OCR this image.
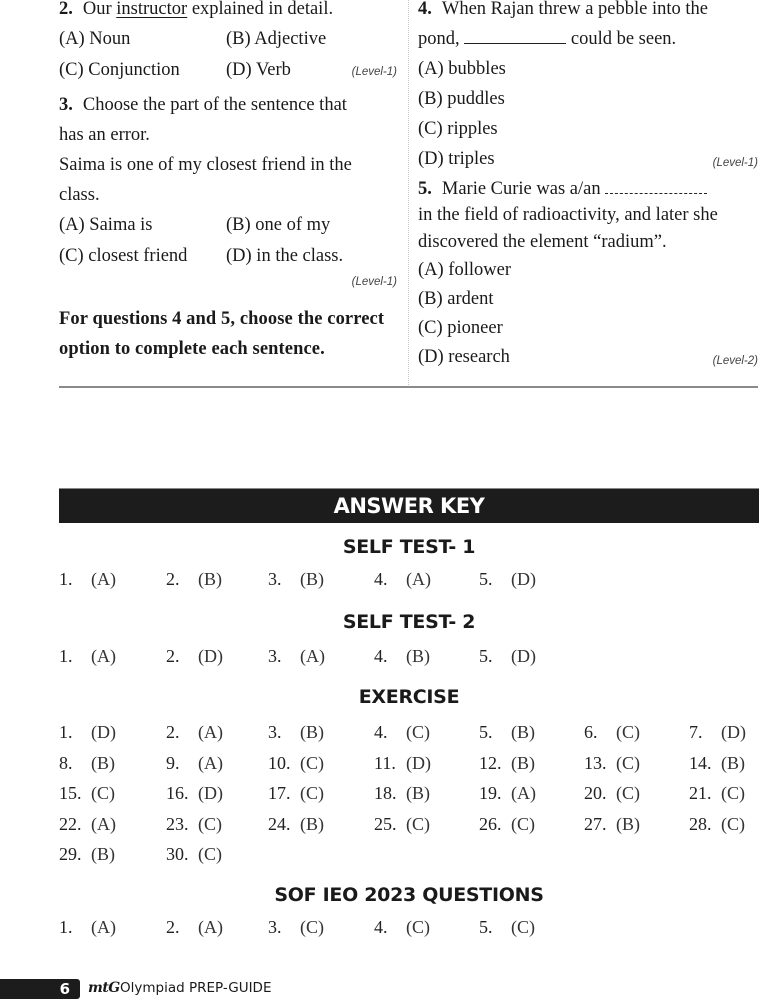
2. Our instructor explained in detail.
(A) Noun	(B) Adjective
(C) Conjunction	(D) Verb	(Level-1)
3. Choose the part of the sentence that
has an error.
Saima is one of my closest friend in the
class.
(A) Saima is	(B) one of my
(C) closest friend	(D) in the class.
(Level-1)
For questions 4 and 5, choose the correct
option to complete each sentence.
4. When Rajan threw a pebble into the
pond,	could be seen.
(A) bubbles
(B) puddles
(C) ripples
(D) triples	(Level-1)
5. Marie Curie was a/an
in the field of radioactivity, and later she
discovered the element “radium”.
(A) follower
(B) ardent
(C) pioneer
(D) research	(Level-2)
ANSWER KEY
SELF TEST- 1
1. (A)	2. (B)	3. (B)	4. (A)	5. (D)
SELF TEST- 2
1. (A)	2. (D)	3. (A)	4. (B)	5. (D)
EXERCISE
1. (D)	2. (A)	3. (B)	4. (C)	5. (B)	6. (C)	7. (D)
8. (B)	9. (A)	10. (C)	11. (D)	12. (B)	13. (C)	14. (B)
15. (C)	16. (D)	17. (C)	18. (B)	19. (A)	20. (C)	21. (C)
22. (A)	23. (C)	24. (B)	25. (C)	26. (C)	27. (B)	28. (C)
29. (B)	30. (C)
SOF IEO 2023 QUESTIONS
1. (A)	2. (A)	3. (C)	4. (C)	5. (C)
6	mtG Olympiad PREP-GUIDE
